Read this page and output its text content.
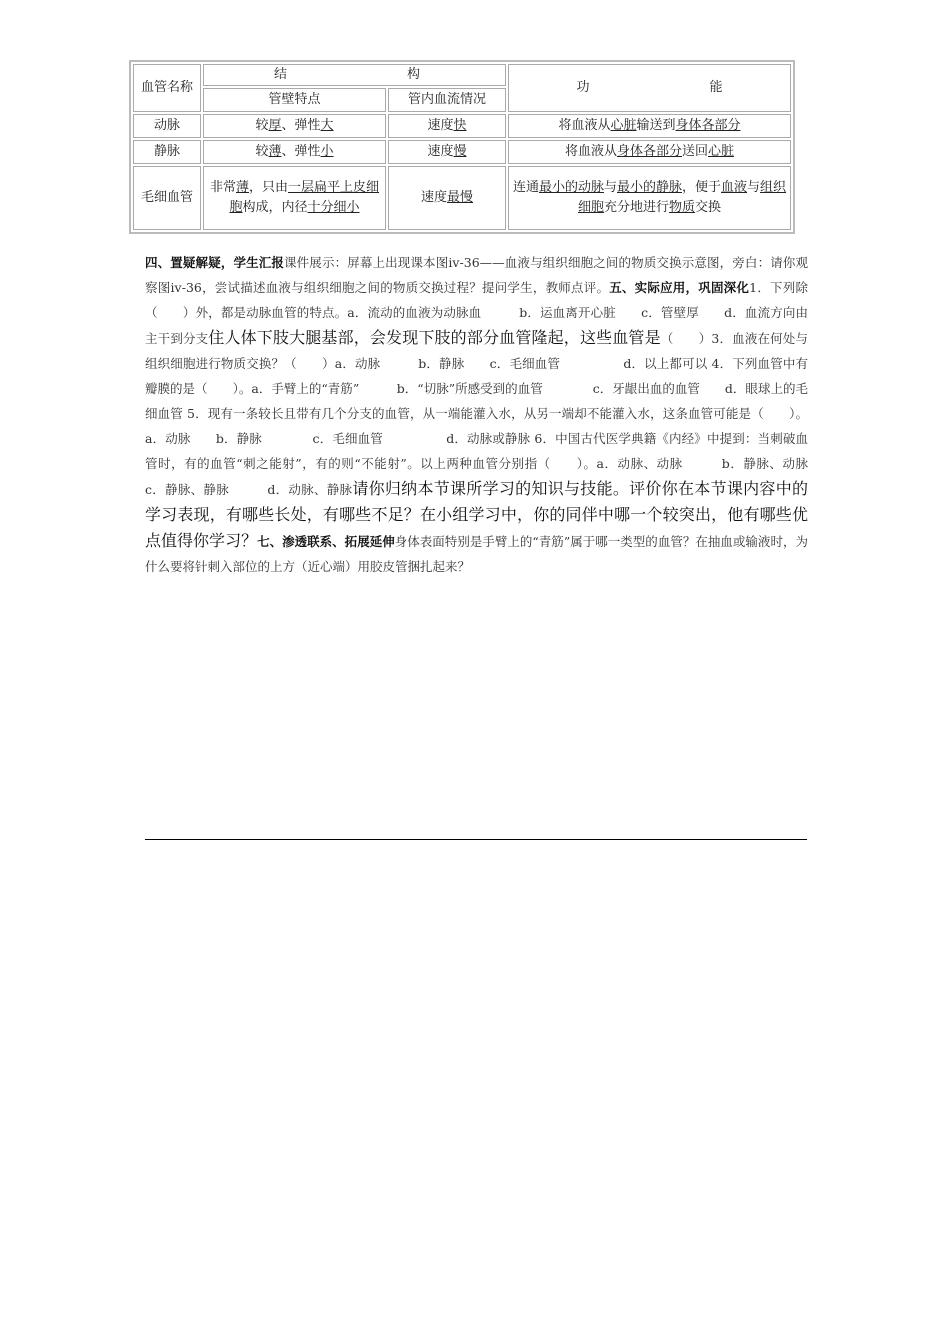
血管名称	结 构		功 能
	管壁特点	管内血流情况	
动脉	较厚、弹性大	速度快	将血液从心脏输送到身体各部分
静脉	较薄、弹性小	速度慢	将血液从身体各部分送回心脏
毛细血管	非常薄，只由一层扁平上皮细胞构成，内径十分细小	速度最慢	连通最小的动脉与最小的静脉，便于血液与组织细胞充分地进行物质交换
四、置疑解疑，学生汇报课件展示：屏幕上出现课本图ⅳ-36——血液与组织细胞之间的物质交换示意图，旁白：请你观察图ⅳ-36，尝试描述血液与组织细胞之间的物质交换过程？提问学生，教师点评。五、实际应用，巩固深化1．下列除（　　）外，都是动脉血管的特点。a．流动的血液为动脉血　　　b．运血离开心脏　　c．管壁厚　　d．血流方向由主干到分支住人体下肢大腿基部，会发现下肢的部分血管隆起，这些血管是（　　）3．血液在何处与组织细胞进行物质交换？（　　）a．动脉　　　b．静脉　　c．毛细血管　　　　　d．以上都可以 4．下列血管中有瓣膜的是（　　）。a．手臂上的“青筋”　　　b．“切脉”所感受到的血管　　　　c．牙龈出血的血管　　d．眼球上的毛细血管 5．现有一条较长且带有几个分支的血管，从一端能灌入水，从另一端却不能灌入水，这条血管可能是（　　）。a．动脉　　b．静脉　　　　c．毛细血管　　　　　d．动脉或静脉 6．中国古代医学典籍《内经》中提到：当刺破血管时，有的血管“刺之能射”，有的则“不能射”。以上两种血管分别指（　　）。a．动脉、动脉　　　b．静脉、动脉　　c．静脉、静脉　　　d．动脉、静脉请你归纳本节课所学习的知识与技能。评价你在本节课内容中的学习表现，有哪些长处，有哪些不足？在小组学习中，你的同伴中哪一个较突出，他有哪些优点值得你学习？七、渗透联系、拓展延伸身体表面特别是手臂上的“青筋”属于哪一类型的血管？在抽血或输液时，为什么要将针刺入部位的上方（近心端）用胶皮管捆扎起来？
